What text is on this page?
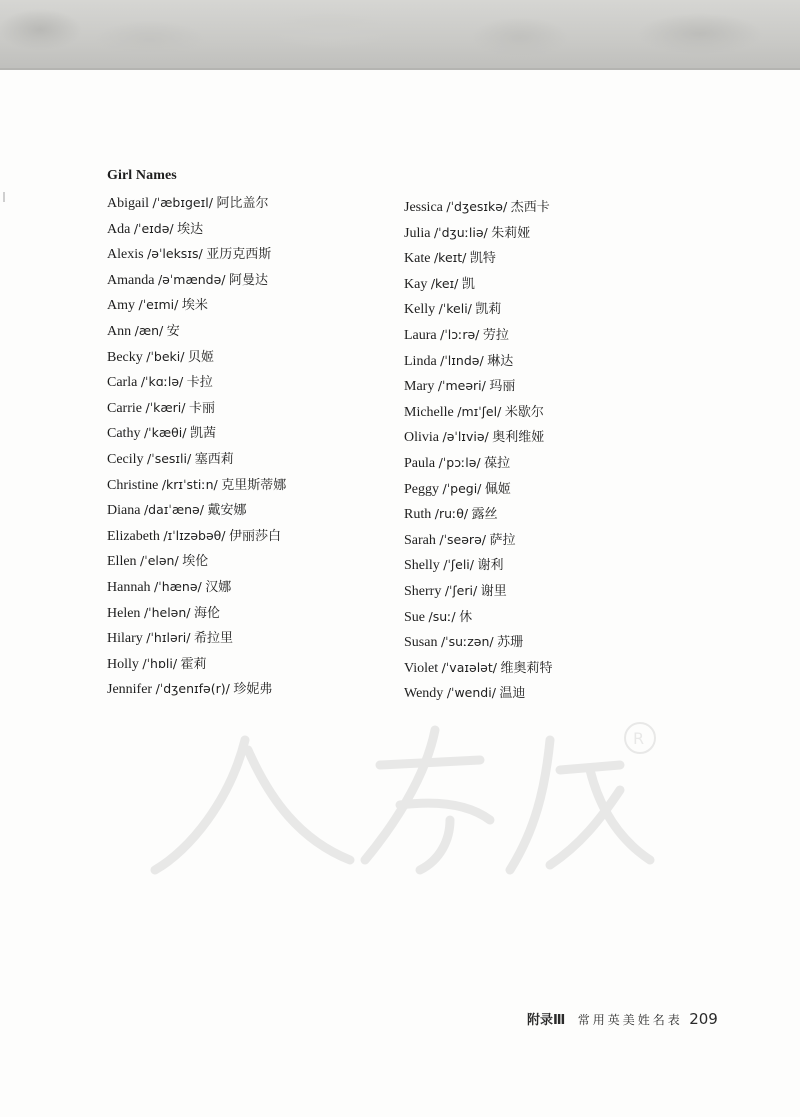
Girl Names
Abigail /ˈæbɪgeɪl/ 阿比盖尔
Ada /ˈeɪdə/ 埃达
Alexis /əˈleksɪs/ 亚历克西斯
Amanda /əˈmændə/ 阿曼达
Amy /ˈeɪmi/ 埃米
Ann /æn/ 安
Becky /ˈbeki/ 贝姬
Carla /ˈkɑːlə/ 卡拉
Carrie /ˈkæri/ 卡丽
Cathy /ˈkæθi/ 凯茜
Cecily /ˈsesɪli/ 塞西莉
Christine /krɪˈstiːn/ 克里斯蒂娜
Diana /daɪˈænə/ 戴安娜
Elizabeth /ɪˈlɪzəbəθ/ 伊丽莎白
Ellen /ˈelən/ 埃伦
Hannah /ˈhænə/ 汉娜
Helen /ˈhelən/ 海伦
Hilary /ˈhɪləri/ 希拉里
Holly /ˈhɒli/ 霍莉
Jennifer /ˈdʒenɪfə(r)/ 珍妮弗
Jessica /ˈdʒesɪkə/ 杰西卡
Julia /ˈdʒuːliə/ 朱莉娅
Kate /keɪt/ 凯特
Kay /keɪ/ 凯
Kelly /ˈkeli/ 凯莉
Laura /ˈlɔːrə/ 劳拉
Linda /ˈlɪndə/ 琳达
Mary /ˈmeəri/ 玛丽
Michelle /mɪˈʃel/ 米歇尔
Olivia /əˈlɪviə/ 奥利维娅
Paula /ˈpɔːlə/ 葆拉
Peggy /ˈpegi/ 佩姬
Ruth /ruːθ/ 露丝
Sarah /ˈseərə/ 萨拉
Shelly /ˈʃeli/ 谢利
Sherry /ˈʃeri/ 谢里
Sue /suː/ 休
Susan /ˈsuːzən/ 苏珊
Violet /ˈvaɪələt/ 维奥莉特
Wendy /ˈwendi/ 温迪
R
附录Ⅲ 常用英美姓名表 209
